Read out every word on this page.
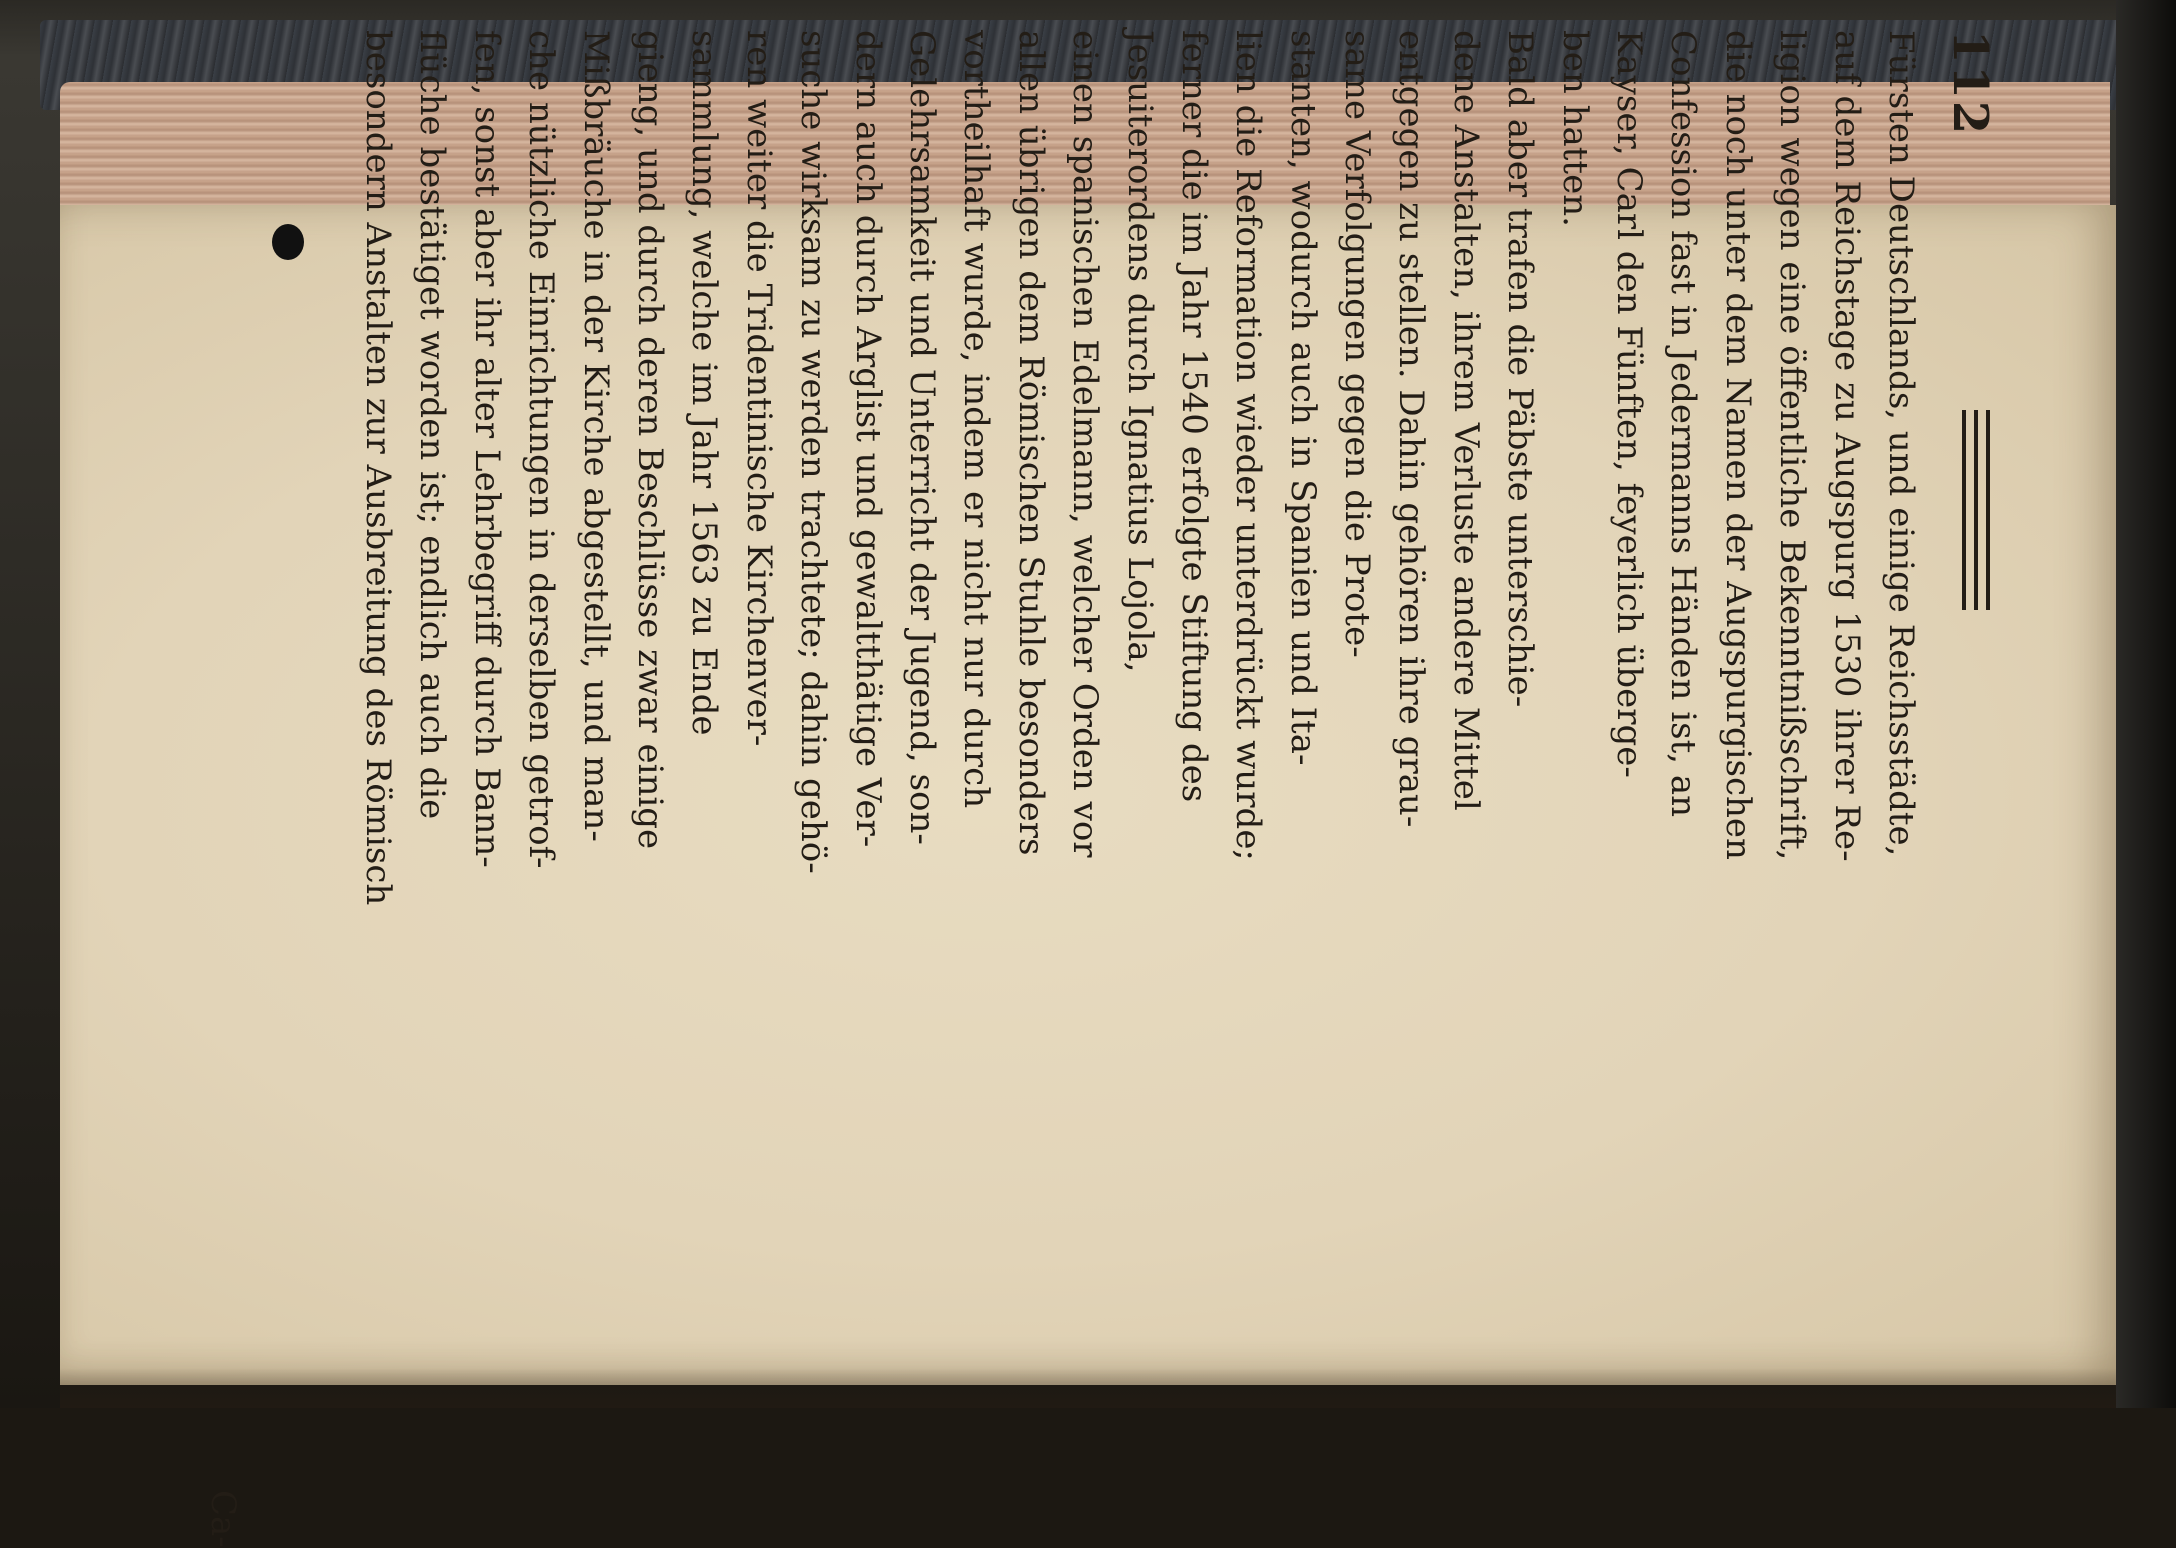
112
Fürsten Deutschlands, und einige Reichsstädte,
auf dem Reichstage zu Augspurg 1530 ihrer Re-
ligion wegen eine öffentliche Bekenntnißschrift,
die noch unter dem Namen der Augspurgischen
Confession fast in Jedermanns Händen ist, an
Kayser, Carl den Fünften, feyerlich überge-
ben hatten.
Bald aber trafen die Päbste unterschie-
dene Anstalten, ihrem Verluste andere Mittel
entgegen zu stellen. Dahin gehören ihre grau-
same Verfolgungen gegen die Prote-
stanten, wodurch auch in Spanien und Ita-
lien die Reformation wieder unterdrückt wurde;
ferner die im Jahr 1540 erfolgte Stiftung des
Jesuiterordens durch Ignatius Lojola,
einen spanischen Edelmann, welcher Orden vor
allen übrigen dem Römischen Stuhle besonders
vortheilhaft wurde, indem er nicht nur durch
Gelehrsamkeit und Unterricht der Jugend, son-
dern auch durch Arglist und gewaltthätige Ver-
suche wirksam zu werden trachtete; dahin gehö-
ren weiter die Tridentinische Kirchenver-
sammlung, welche im Jahr 1563 zu Ende
gieng, und durch deren Beschlüsse zwar einige
Mißbräuche in der Kirche abgestellt, und man-
che nützliche Einrichtungen in derselben getrof-
fen, sonst aber ihr alter Lehrbegriff durch Bann-
flüche bestätiget worden ist; endlich auch die
besondern Anstalten zur Ausbreitung des Römisch
Ca-
